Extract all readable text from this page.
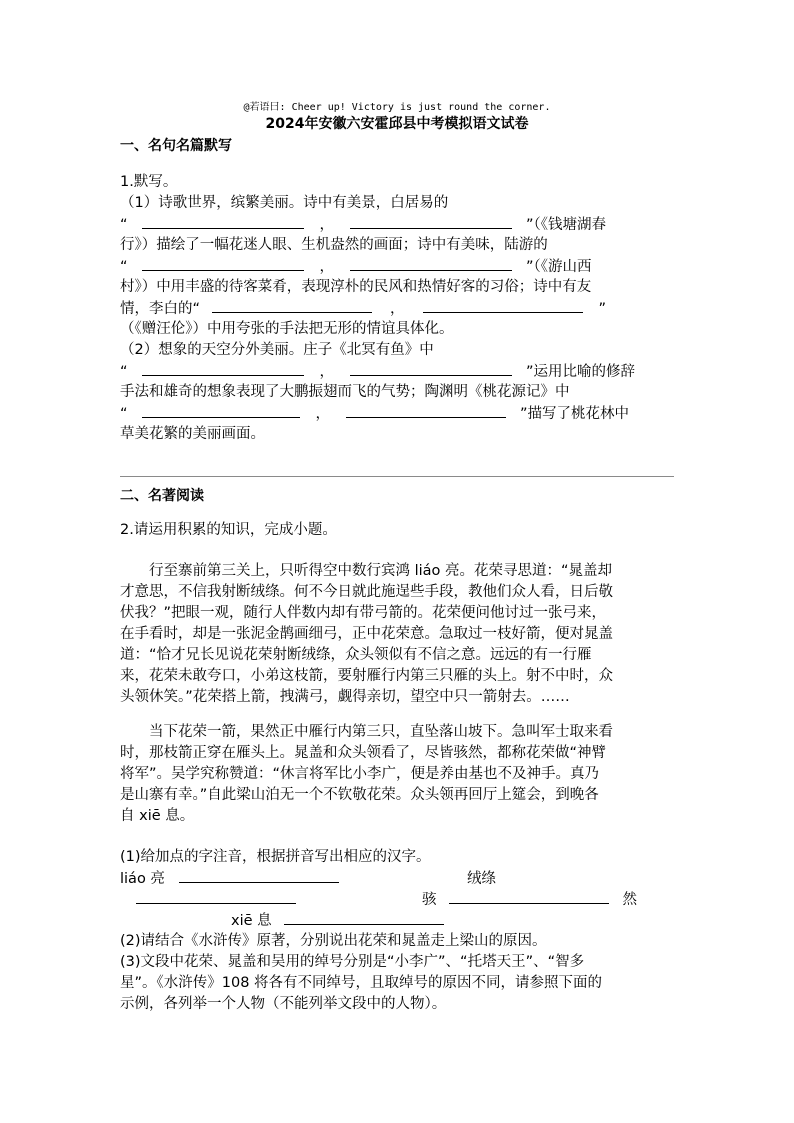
@若语曰: Cheer up! Victory is just round the corner.
2024年安徽六安霍邱县中考模拟语文试卷
一、名句名篇默写
1.默写。
（1）诗歌世界，缤繁美丽。诗中有美景，白居易的
“	，	”（《钱塘湖春
行》）描绘了一幅花迷人眼、生机盎然的画面；诗中有美味，陆游的
“	，	”（《游山西
村》）中用丰盛的待客菜肴，表现淳朴的民风和热情好客的习俗；诗中有友
情，李白的“	，	”
（《赠汪伦》）中用夸张的手法把无形的情谊具体化。
（2）想象的天空分外美丽。庄子《北冥有鱼》中
“	，	”运用比喻的修辞
手法和雄奇的想象表现了大鹏振翅而飞的气势；陶渊明《桃花源记》中
“	，	”描写了桃花林中
草美花繁的美丽画面。
二、名著阅读
2.请运用积累的知识，完成小题。
行至寨前第三关上，只听得空中数行宾鸿 liáo 亮。花荣寻思道：“晁盖却
才意思，不信我射断绒绦。何不今日就此施逞些手段，教他们众人看，日后敬
伏我？”把眼一观，随行人伴数内却有带弓箭的。花荣便问他讨过一张弓来，
在手看时，却是一张泥金鹊画细弓，正中花荣意。急取过一枝好箭，便对晁盖
道：“恰才兄长见说花荣射断绒绦，众头领似有不信之意。远远的有一行雁
来，花荣未敢夸口，小弟这枝箭，要射雁行内第三只雁的头上。射不中时，众
头领休笑。”花荣搭上箭，拽满弓，觑得亲切，望空中只一箭射去。……
当下花荣一箭，果然正中雁行内第三只，直坠落山坡下。急叫军士取来看
时，那枝箭正穿在雁头上。晁盖和众头领看了，尽皆骇然，都称花荣做“神臂
将军”。吴学究称赞道：“休言将军比小李广，便是养由基也不及神手。真乃
是山寨有幸。”自此梁山泊无一个不钦敬花荣。众头领再回厅上筵会，到晚各
自 xiē 息。
(1)给加点的字注音，根据拼音写出相应的汉字。
liáo 亮	绒绦
骇	然
xiē 息
(2)请结合《水浒传》原著，分别说出花荣和晁盖走上梁山的原因。
(3)文段中花荣、晁盖和吴用的绰号分别是“小李广”、“托塔天王”、“智多
星”。《水浒传》108 将各有不同绰号，且取绰号的原因不同，请参照下面的
示例，各列举一个人物（不能列举文段中的人物）。
